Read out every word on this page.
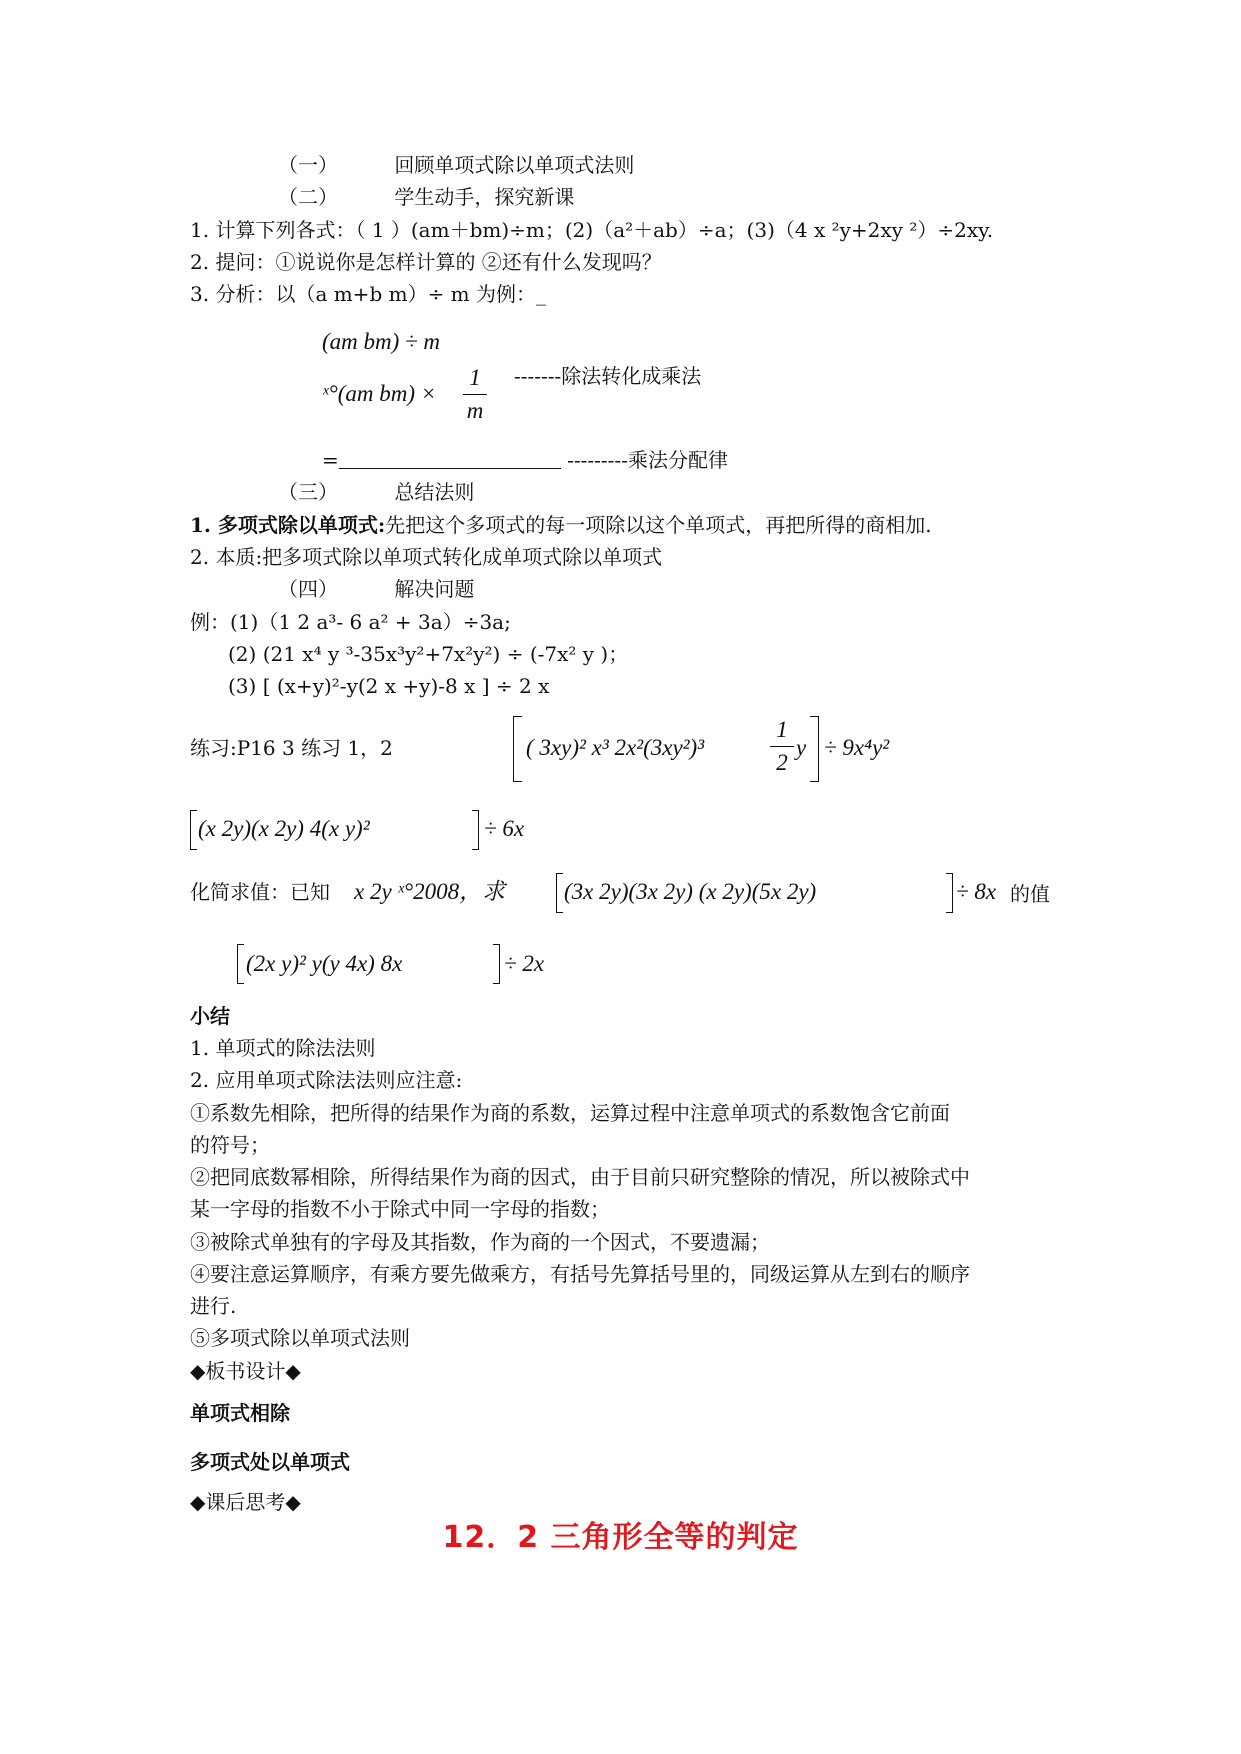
（一）	回顾单项式除以单项式法则
（二）	学生动手，探究新课
1. 计算下列各式：（ 1 ）(am＋bm)÷m；(2)（a²＋ab）÷a；(3)（4 x ²y+2xy ²）÷2xy.
2. 提问：①说说你是怎样计算的 ②还有什么发现吗？
3. 分析：以（a m+b m）÷ m 为例：_
(am bm) ÷ m
ˣ°(am bm) ×
1
m
-------除法转化成乘法
=	---------乘法分配律
（三）	总结法则
1. 多项式除以单项式:先把这个多项式的每一项除以这个单项式，再把所得的商相加.
2. 本质:把多项式除以单项式转化成单项式除以单项式
（四）	解决问题
例：(1)（1 2 a³- 6 a² + 3a）÷3a;
(2) (21 x⁴ y ³-35x³y²+7x²y²) ÷ (-7x² y )；
(3) [ (x+y)²-y(2 x +y)-8 x ] ÷ 2 x
练习:P16 3 练习 1，2	( 3xy)² x³ 2x²(3xy²)³
1
2
y ÷ 9x⁴y²
(x 2y)(x 2y) 4(x y)²	÷ 6x
化简求值：已知 x 2y ˣ°2008，求	(3x 2y)(3x 2y) (x 2y)(5x 2y)	÷ 8x 的值
(2x y)² y(y 4x) 8x	÷ 2x
小结
1. 单项式的除法法则
2. 应用单项式除法法则应注意:
①系数先相除，把所得的结果作为商的系数，运算过程中注意单项式的系数饱含它前面
的符号；
②把同底数幂相除，所得结果作为商的因式，由于目前只研究整除的情况，所以被除式中
某一字母的指数不小于除式中同一字母的指数；
③被除式单独有的字母及其指数，作为商的一个因式，不要遗漏；
④要注意运算顺序，有乘方要先做乘方，有括号先算括号里的，同级运算从左到右的顺序
进行.
⑤多项式除以单项式法则
◆板书设计◆
单项式相除
多项式处以单项式
◆课后思考◆
12．2 三角形全等的判定
